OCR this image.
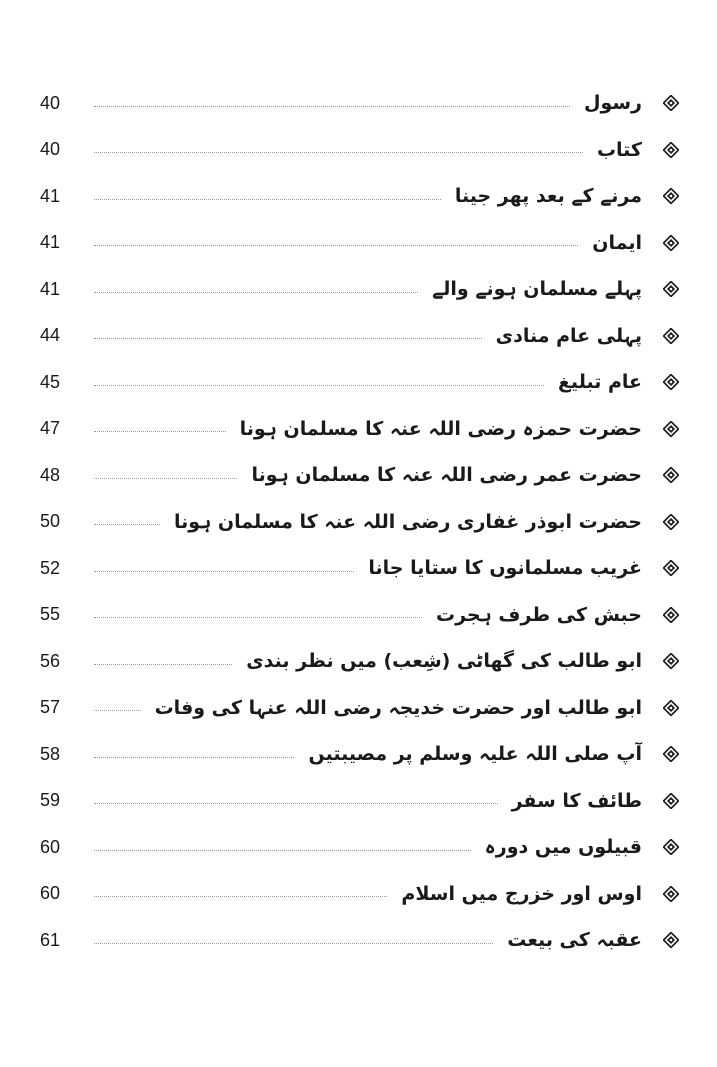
رسول
40
کتاب
40
مرنے کے بعد پھر جینا
41
ایمان
41
پہلے مسلمان ہونے والے
41
پہلی عام منادی
44
عام تبلیغ
45
حضرت حمزہ رضی اللہ عنہ کا مسلمان ہونا
47
حضرت عمر رضی اللہ عنہ کا مسلمان ہونا
48
حضرت ابوذر غفاری رضی اللہ عنہ کا مسلمان ہونا
50
غریب مسلمانوں کا ستایا جانا
52
حبش کی طرف ہجرت
55
ابو طالب کی گھاٹی (شِعب) میں نظر بندی
56
ابو طالب اور حضرت خدیجہ رضی اللہ عنہا کی وفات
57
آپ صلی اللہ علیہ وسلم پر مصیبتیں
58
طائف کا سفر
59
قبیلوں میں دورہ
60
اوس اور خزرج میں اسلام
60
عقبہ کی بیعت
61
